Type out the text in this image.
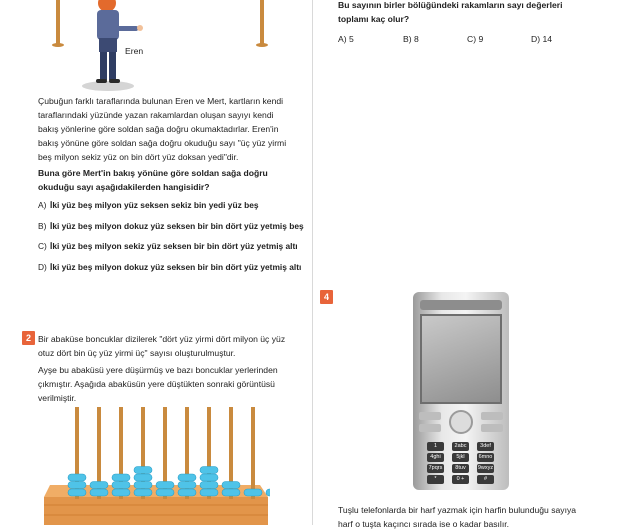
Eren
Çubuğun farklı taraflarında bulunan Eren ve Mert, kartların kendi
taraflarındaki yüzünde yazan rakamlardan oluşan sayıyı kendi
bakış yönlerine göre soldan sağa doğru okumaktadırlar. Eren'in
bakış yönüne göre soldan sağa doğru okuduğu sayı "üç yüz yirmi
beş milyon sekiz yüz on bin dört yüz doksan yedi"dir.
Buna göre Mert'in bakış yönüne göre soldan sağa doğru
okuduğu sayı aşağıdakilerden hangisidir?
A) İki yüz beş milyon yüz seksen sekiz bin yedi yüz beş
B) İki yüz beş milyon dokuz yüz seksen bir bin dört yüz yetmiş beş
C) İki yüz beş milyon sekiz yüz seksen bir bin dört yüz yetmiş altı
D) İki yüz beş milyon dokuz yüz seksen bir bin dört yüz yetmiş altı
2 Bir abaküse boncuklar dizilerek "dört yüz yirmi dört milyon üç yüz
otuz dört bin üç yüz yirmi üç" sayısı oluşturulmuştur.
Ayşe bu abaküsü yere düşürmüş ve bazı boncuklar yerlerinden
çıkmıştır. Aşağıda abaküsün yere düştükten sonraki görüntüsü
verilmiştir.
Bu sayının birler bölüğündeki rakamların sayı değerleri
toplamı kaç olur?
A) 5	B) 8	C) 9	D) 14
4
1	2abc	3def
4ghi	5jkl	6mno
7pqrs	8tuv	9wxyz
*	0 +	#
Tuşlu telefonlarda bir harf yazmak için harfin bulunduğu sayıya
harf o tuşta kaçıncı sırada ise o kadar basılır.
